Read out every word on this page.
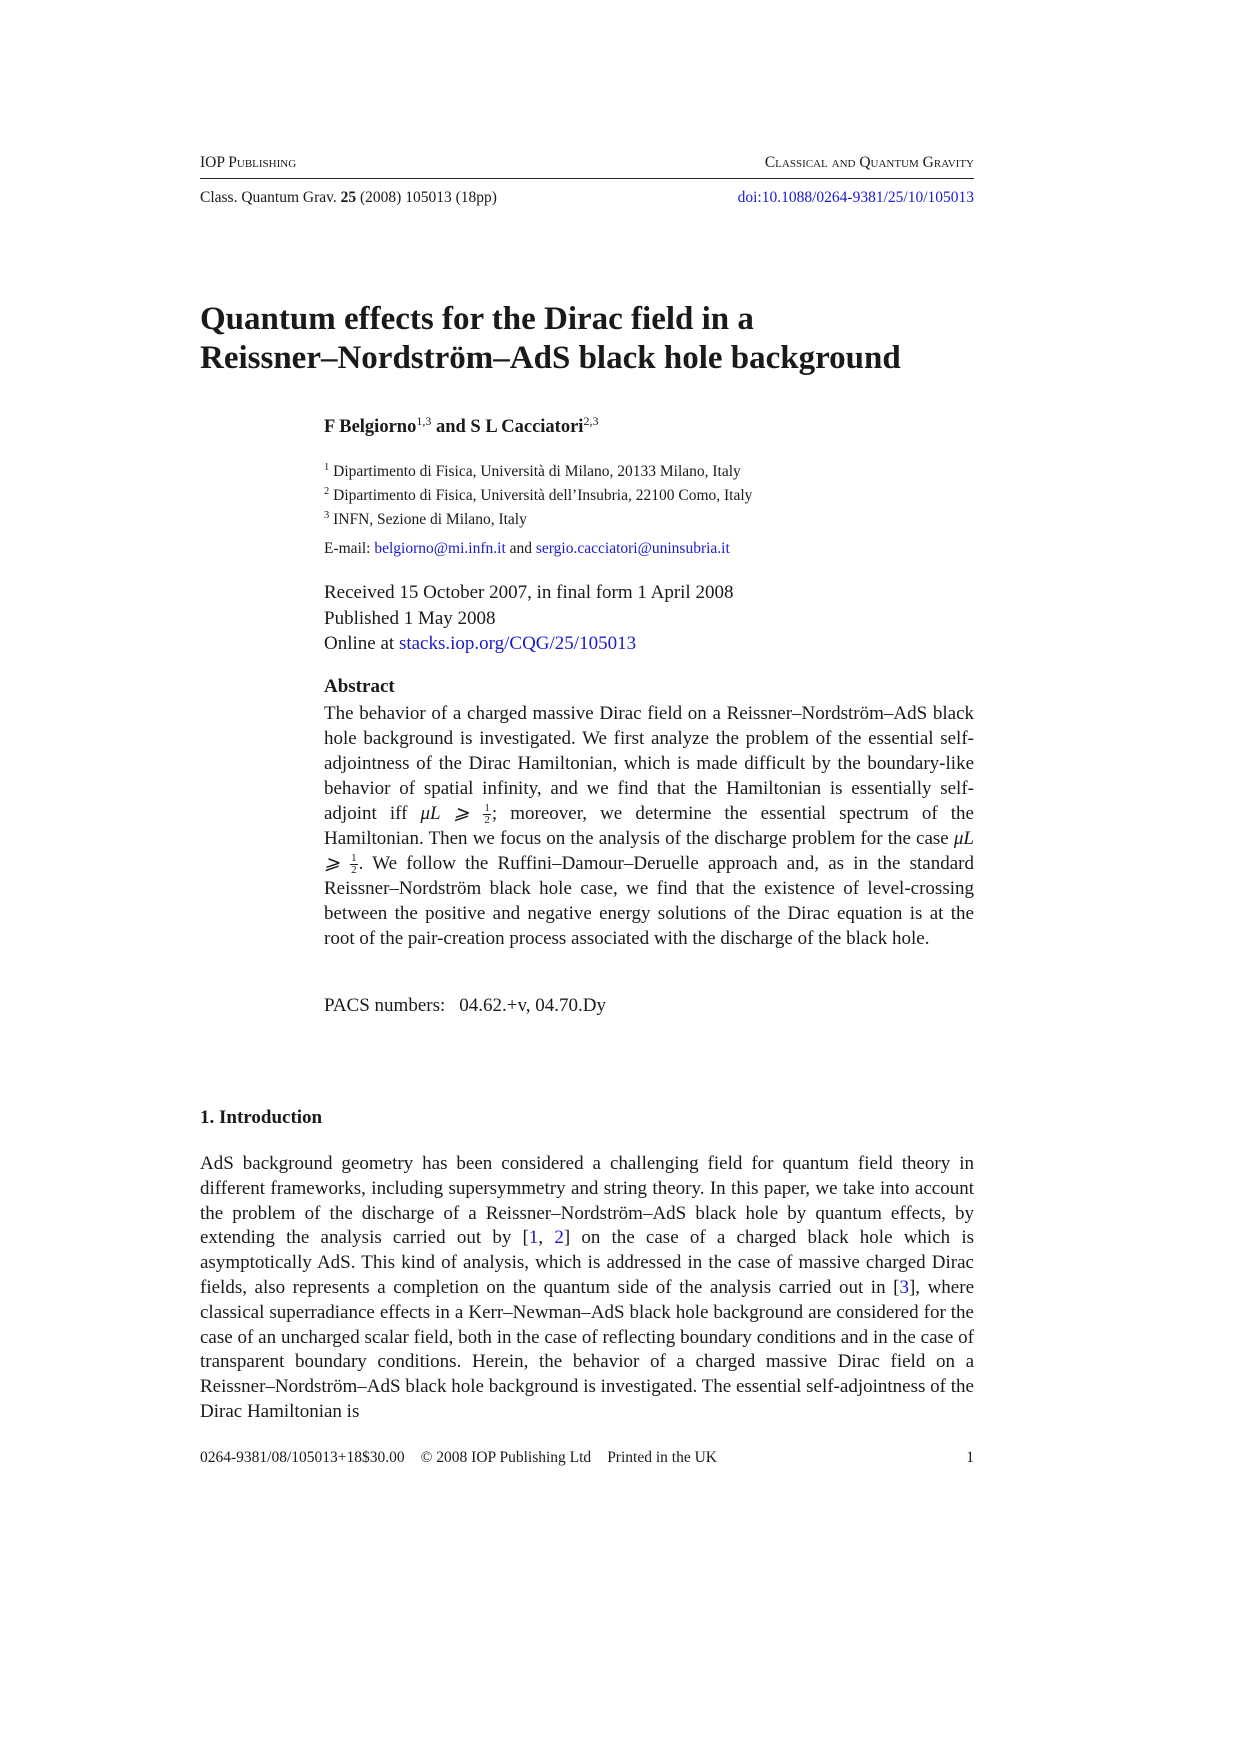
IOP Publishing	Classical and Quantum Gravity
Class. Quantum Grav. 25 (2008) 105013 (18pp)	doi:10.1088/0264-9381/25/10/105013
Quantum effects for the Dirac field in a
Reissner–Nordström–AdS black hole background
F Belgiorno$^{1,3}$ and S L Cacciatori$^{2,3}$
$^1$ Dipartimento di Fisica, Università di Milano, 20133 Milano, Italy
$^2$ Dipartimento di Fisica, Università dell’Insubria, 22100 Como, Italy
$^3$ INFN, Sezione di Milano, Italy
E-mail: belgiorno@mi.infn.it and sergio.cacciatori@uninsubria.it
Received 15 October 2007, in final form 1 April 2008
Published 1 May 2008
Online at stacks.iop.org/CQG/25/105013
Abstract
The behavior of a charged massive Dirac field on a Reissner–Nordström–AdS black hole background is investigated. We first analyze the problem of the essential self-adjointness of the Dirac Hamiltonian, which is made difficult by the boundary-like behavior of spatial infinity, and we find that the Hamiltonian is essentially self-adjoint iff μL ⩾ $\frac{1}{2}$ ; moreover, we determine the essential spectrum of the Hamiltonian. Then we focus on the analysis of the discharge problem for the case μL ⩾ $\frac{1}{2}$ . We follow the Ruffini–Damour–Deruelle approach and, as in the standard Reissner–Nordström black hole case, we find that the existence of level-crossing between the positive and negative energy solutions of the Dirac equation is at the root of the pair-creation process associated with the discharge of the black hole.
PACS numbers: 04.62.+v, 04.70.Dy
1. Introduction
AdS background geometry has been considered a challenging field for quantum field theory in different frameworks, including supersymmetry and string theory. In this paper, we take into account the problem of the discharge of a Reissner–Nordström–AdS black hole by quantum effects, by extending the analysis carried out by [1, 2] on the case of a charged black hole which is asymptotically AdS. This kind of analysis, which is addressed in the case of massive charged Dirac fields, also represents a completion on the quantum side of the analysis carried out in [3], where classical superradiance effects in a Kerr–Newman–AdS black hole background are considered for the case of an uncharged scalar field, both in the case of reflecting boundary conditions and in the case of transparent boundary conditions. Herein, the behavior of a charged massive Dirac field on a Reissner–Nordström–AdS black hole background is investigated. The essential self-adjointness of the Dirac Hamiltonian is
0264-9381/08/105013+18$30.00 © 2008 IOP Publishing Ltd Printed in the UK	1
